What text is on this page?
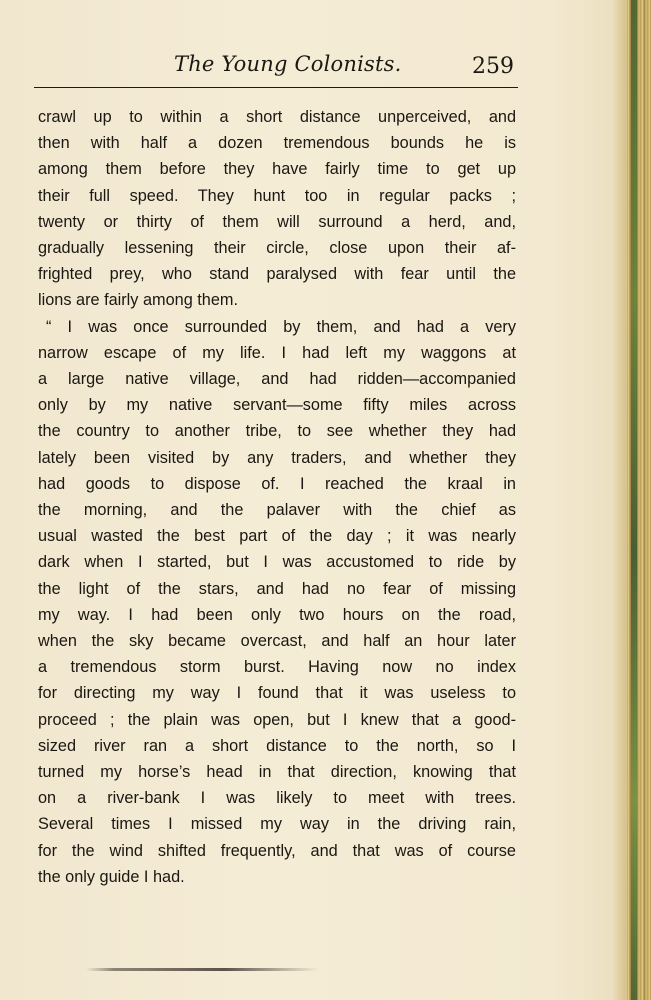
The Young Colonists.	259
crawl up to within a short distance unperceived, and
then with half a dozen tremendous bounds he is
among them before they have fairly time to get up
their full speed. They hunt too in regular packs ;
twenty or thirty of them will surround a herd, and,
gradually lessening their circle, close upon their af-
frighted prey, who stand paralysed with fear until the
lions are fairly among them.
“ I was once surrounded by them, and had a very
narrow escape of my life. I had left my waggons at
a large native village, and had ridden—accompanied
only by my native servant—some fifty miles across
the country to another tribe, to see whether they had
lately been visited by any traders, and whether they
had goods to dispose of. I reached the kraal in
the morning, and the palaver with the chief as
usual wasted the best part of the day ; it was nearly
dark when I started, but I was accustomed to ride by
the light of the stars, and had no fear of missing
my way. I had been only two hours on the road,
when the sky became overcast, and half an hour later
a tremendous storm burst. Having now no index
for directing my way I found that it was useless to
proceed ; the plain was open, but I knew that a good-
sized river ran a short distance to the north, so I
turned my horse’s head in that direction, knowing that
on a river-bank I was likely to meet with trees.
Several times I missed my way in the driving rain,
for the wind shifted frequently, and that was of course
the only guide I had.
